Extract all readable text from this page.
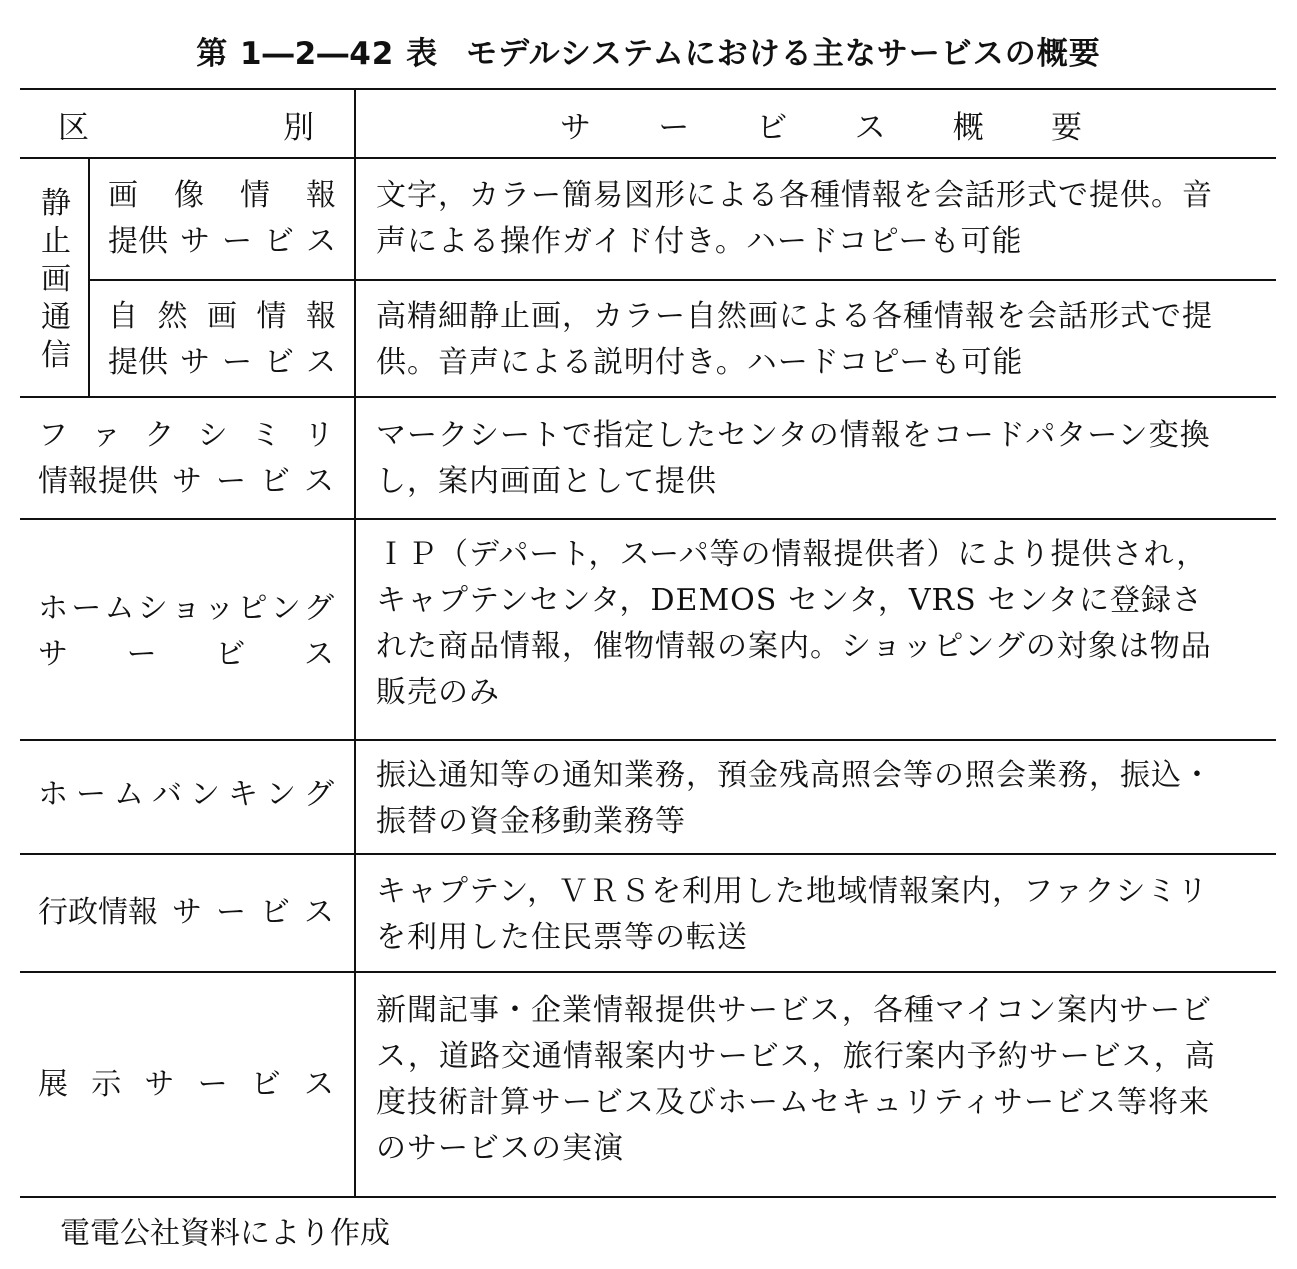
第 1―2―42 表 モデルシステムにおける主なサービスの概要
区	別	サ ー ビ ス 概 要
静止画通信
画 像 情 報
提供 サ ー ビ ス
文字，カラー簡易図形による各種情報を会話形式で提供。音
声による操作ガイド付き。ハードコピーも可能
自 然 画 情 報
提供 サ ー ビ ス
高精細静止画，カラー自然画による各種情報を会話形式で提
供。音声による説明付き。ハードコピーも可能
フ ァ ク シ ミ リ
情報提供 サ ー ビ ス
マークシートで指定したセンタの情報をコードパターン変換
し，案内画面として提供
ホ ー ム シ ョ ッ ピ ン グ
サ ー ビ ス
ＩＰ（デパート，スーパ等の情報提供者）により提供され，
キャプテンセンタ，DEMOS センタ，VRS センタに登録さ
れた商品情報，催物情報の案内。ショッピングの対象は物品
販売のみ
ホ ー ム バ ン キ ン グ
振込通知等の通知業務，預金残高照会等の照会業務，振込・
振替の資金移動業務等
行政情報 サ ー ビ ス
キャプテン，ＶＲＳを利用した地域情報案内，ファクシミリ
を利用した住民票等の転送
展 示 サ ー ビ ス
新聞記事・企業情報提供サービス，各種マイコン案内サービ
ス，道路交通情報案内サービス，旅行案内予約サービス，高
度技術計算サービス及びホームセキュリティサービス等将来
のサービスの実演
電電公社資料により作成
